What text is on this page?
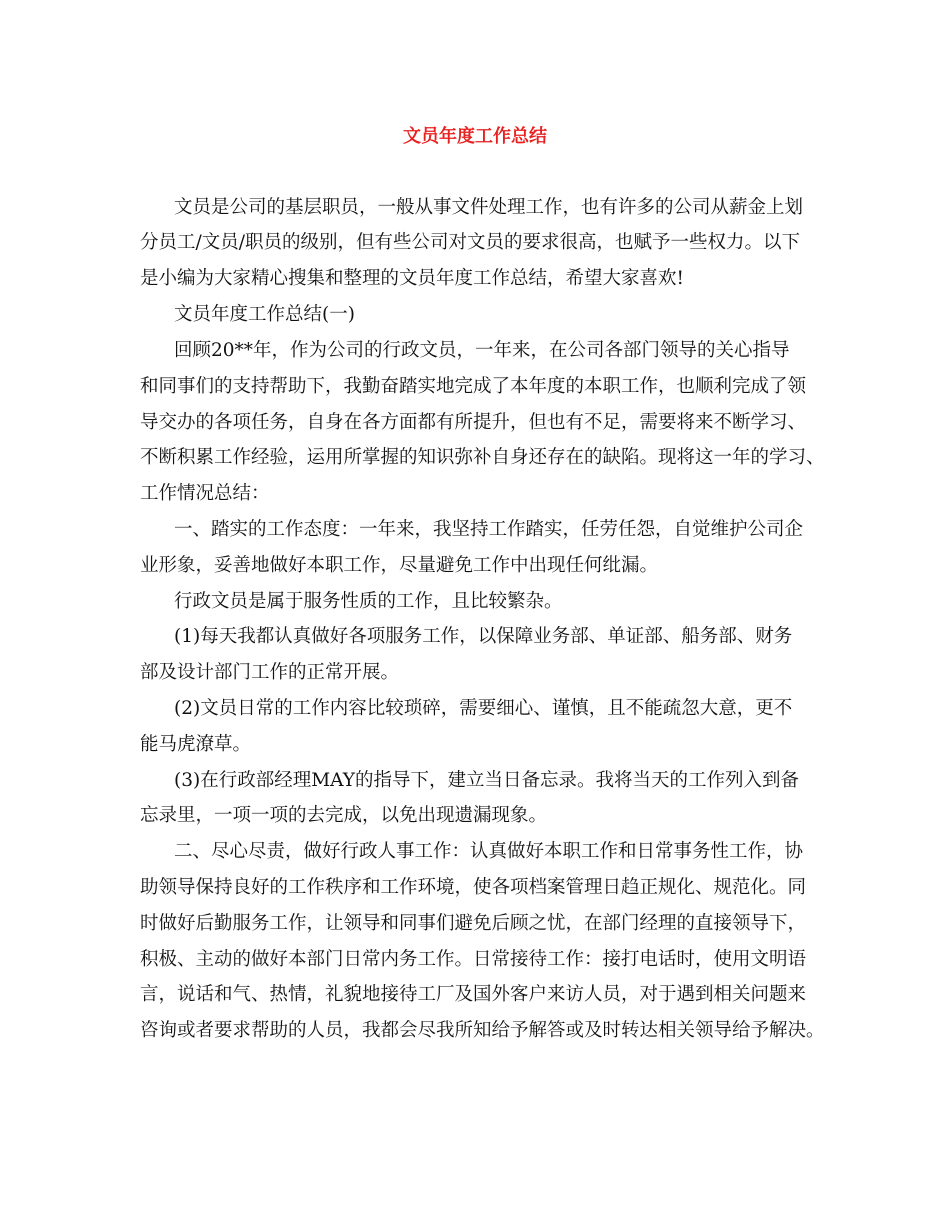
文员年度工作总结

文员是公司的基层职员，一般从事文件处理工作，也有许多的公司从薪金上划

分员工/文员/职员的级别，但有些公司对文员的要求很高，也赋予一些权力。以下

是小编为大家精心搜集和整理的文员年度工作总结，希望大家喜欢!

文员年度工作总结(一)

回顾20**年，作为公司的行政文员，一年来，在公司各部门领导的关心指导

和同事们的支持帮助下，我勤奋踏实地完成了本年度的本职工作，也顺利完成了领

导交办的各项任务，自身在各方面都有所提升，但也有不足，需要将来不断学习、

不断积累工作经验，运用所掌握的知识弥补自身还存在的缺陷。现将这一年的学习、

工作情况总结：

一、踏实的工作态度：一年来，我坚持工作踏实，任劳任怨，自觉维护公司企

业形象，妥善地做好本职工作，尽量避免工作中出现任何纰漏。

行政文员是属于服务性质的工作，且比较繁杂。

(1)每天我都认真做好各项服务工作，以保障业务部、单证部、船务部、财务

部及设计部门工作的正常开展。

(2)文员日常的工作内容比较琐碎，需要细心、谨慎，且不能疏忽大意，更不

能马虎潦草。

(3)在行政部经理MAY的指导下，建立当日备忘录。我将当天的工作列入到备

忘录里，一项一项的去完成，以免出现遗漏现象。

二、尽心尽责，做好行政人事工作：认真做好本职工作和日常事务性工作，协

助领导保持良好的工作秩序和工作环境，使各项档案管理日趋正规化、规范化。同

时做好后勤服务工作，让领导和同事们避免后顾之忧，在部门经理的直接领导下，

积极、主动的做好本部门日常内务工作。日常接待工作：接打电话时，使用文明语

言，说话和气、热情，礼貌地接待工厂及国外客户来访人员，对于遇到相关问题来

咨询或者要求帮助的人员，我都会尽我所知给予解答或及时转达相关领导给予解决。
